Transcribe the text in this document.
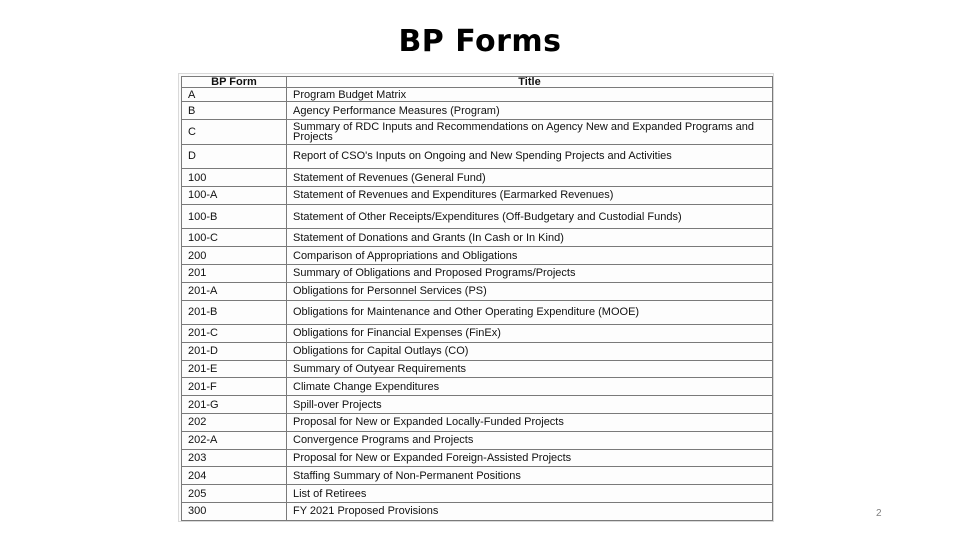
BP Forms
BP Form	Title
A	Program Budget Matrix
B	Agency Performance Measures (Program)
C	Summary of RDC Inputs and Recommendations on Agency New and Expanded Programs and Projects
D	Report of CSO's Inputs on Ongoing and New Spending Projects and Activities
100	Statement of Revenues (General Fund)
100-A	Statement of Revenues and Expenditures (Earmarked Revenues)
100-B	Statement of Other Receipts/Expenditures (Off-Budgetary and Custodial Funds)
100-C	Statement of Donations and Grants (In Cash or In Kind)
200	Comparison of Appropriations and Obligations
201	Summary of Obligations and Proposed Programs/Projects
201-A	Obligations for Personnel Services (PS)
201-B	Obligations for Maintenance and Other Operating Expenditure (MOOE)
201-C	Obligations for Financial Expenses (FinEx)
201-D	Obligations for Capital Outlays (CO)
201-E	Summary of Outyear Requirements
201-F	Climate Change Expenditures
201-G	Spill-over Projects
202	Proposal for New or Expanded Locally-Funded Projects
202-A	Convergence Programs and Projects
203	Proposal for New or Expanded Foreign-Assisted Projects
204	Staffing Summary of Non-Permanent Positions
205	List of Retirees
300	FY 2021 Proposed Provisions	2
